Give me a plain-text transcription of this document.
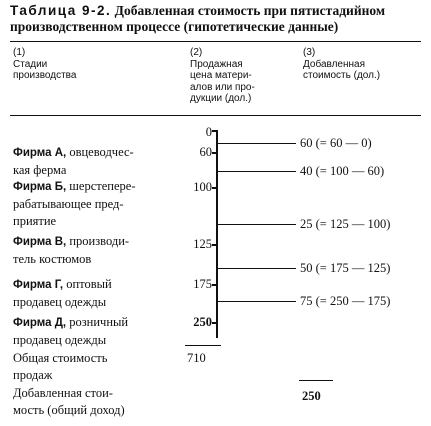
Таблица 9-2. Добавленная стоимость при пятистадийном
производственном процессе (гипотетические данные)
(1)
Стадии
производства
(2)
Продажная
цена матери-
алов или про-
дукции (дол.)
(3)
Добавленная
стоимость (дол.)
Фирма А, овцеводчес-
кая ферма
Фирма Б, шерстепере-
рабатывающее пред-
приятие
Фирма В, производи-
тель костюмов
Фирма Г, оптовый
продавец одежды
Фирма Д, розничный
продавец одежды
Общая стоимость
продаж
Добавленная стои-
мость (общий доход)
0
60
100
125
175
250
60 (= 60 — 0)
40 (= 100 — 60)
25 (= 125 — 100)
50 (= 175 — 125)
75 (= 250 — 175)
710
250
